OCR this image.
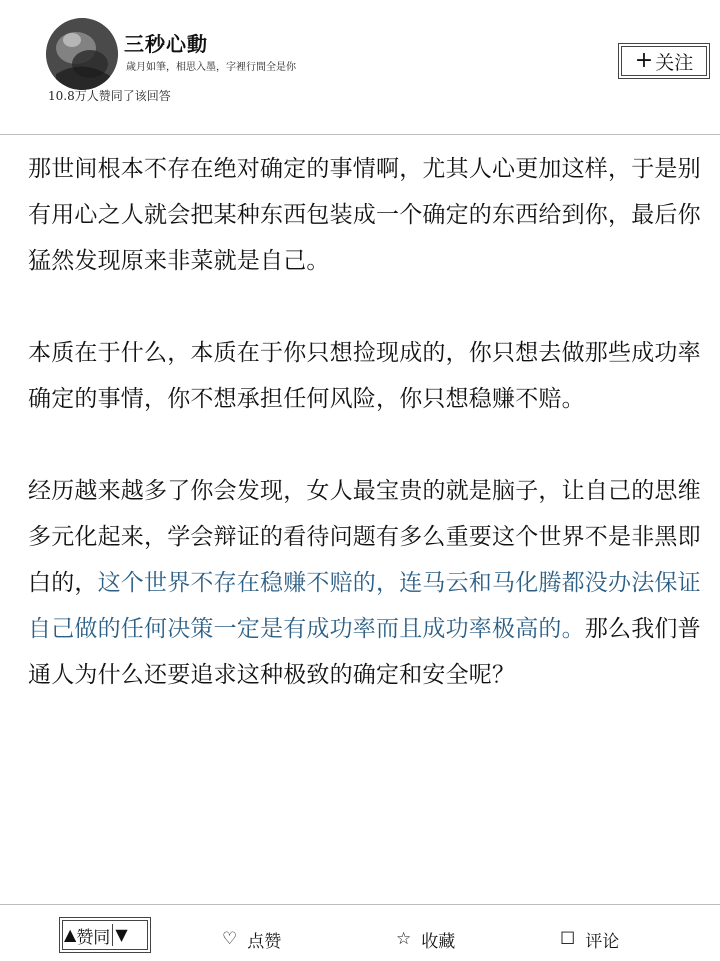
三秒心動
歲月如筆，相思入墨，字裡行間全是你
10.8万人赞同了该回答
+ 关注

那世间根本不存在绝对确定的事情啊，尤其人心更加这样，于是别有用心之人就会把某种东西包装成一个确定的东西给到你，最后你猛然发现原来非菜就是自己。

本质在于什么，本质在于你只想捡现成的，你只想去做那些成功率确定的事情，你不想承担任何风险，你只想稳赚不赔。

经历越来越多了你会发现，女人最宝贵的就是脑子，让自己的思维多元化起来，学会辩证的看待问题有多么重要这个世界不是非黑即白的，这个世界不存在稳赚不赔的，连马云和马化腾都没办法保证自己做的任何决策一定是有成功率而且成功率极高的。那么我们普通人为什么还要追求这种极致的确定和安全呢？

▲ 赞同 ▼	♡ 点赞	☆ 收藏	☐ 评论
